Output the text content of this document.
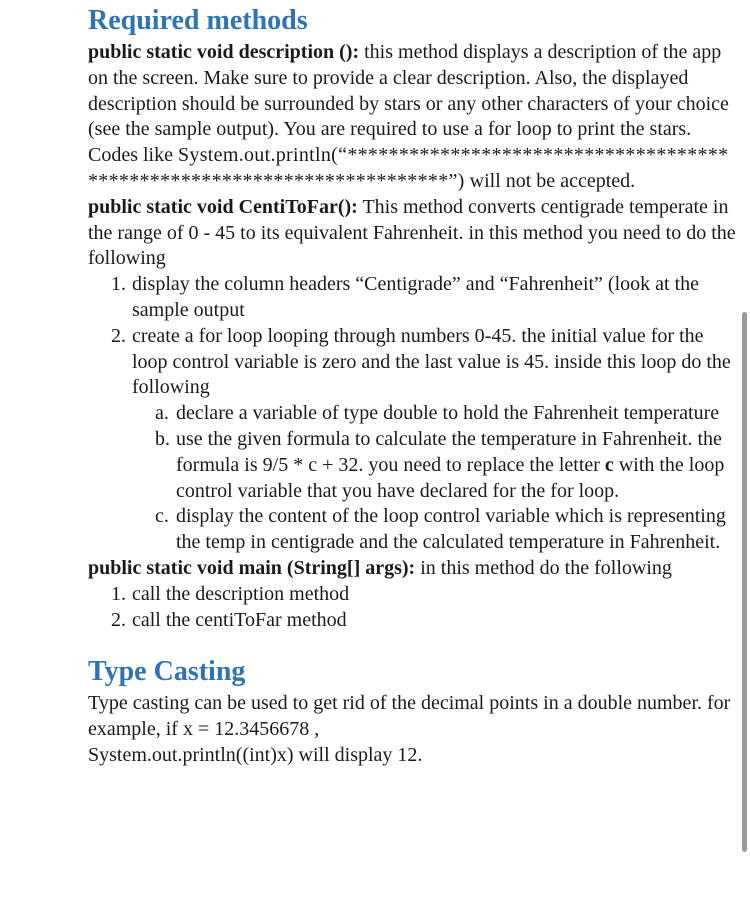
Required methods

public static void description (): this method displays a description of the app on the screen. Make sure to provide a clear description. Also, the displayed description should be surrounded by stars or any other characters of your choice (see the sample output). You are required to use a for loop to print the stars. Codes like System.out.println(“************************************************************************”) will not be accepted.

public static void CentiToFar(): This method converts centigrade temperate in the range of 0 - 45 to its equivalent Fahrenheit. in this method you need to do the following

1. display the column headers “Centigrade” and “Fahrenheit” (look at the sample output
2. create a for loop looping through numbers 0-45. the initial value for the loop control variable is zero and the last value is 45. inside this loop do the following
a. declare a variable of type double to hold the Fahrenheit temperature
b. use the given formula to calculate the temperature in Fahrenheit. the formula is 9/5 * c + 32. you need to replace the letter c with the loop control variable that you have declared for the for loop.
c. display the content of the loop control variable which is representing the temp in centigrade and the calculated temperature in Fahrenheit.

public static void main (String[] args): in this method do the following

1. call the description method
2. call the centiToFar method
Type Casting

Type casting can be used to get rid of the decimal points in a double number. for example, if x = 12.3456678 ,
System.out.println((int)x) will display 12.
